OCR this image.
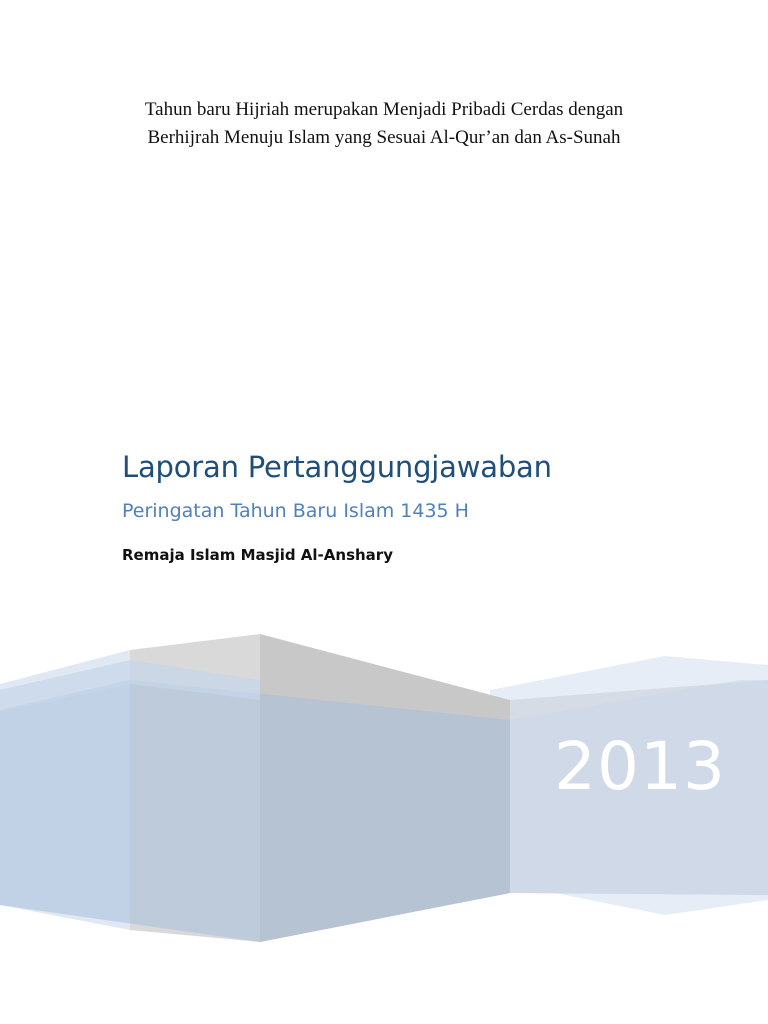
Tahun baru Hijriah merupakan Menjadi Pribadi Cerdas dengan
Berhijrah Menuju Islam yang Sesuai Al-Qur’an dan As-Sunah
Laporan Pertanggungjawaban
Peringatan Tahun Baru Islam 1435 H
Remaja Islam Masjid Al-Anshary
2013
